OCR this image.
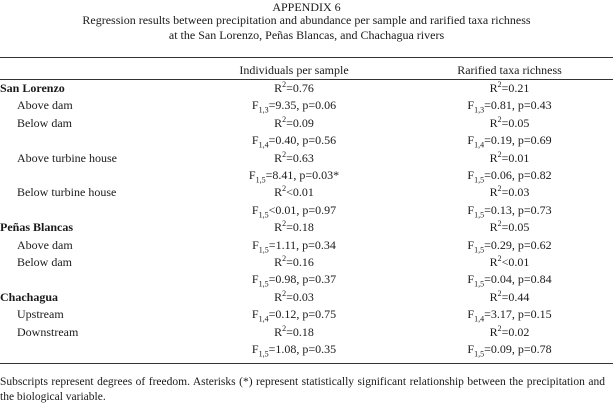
APPENDIX 6
Regression results between precipitation and abundance per sample and rarified taxa richness
at the San Lorenzo, Peñas Blancas, and Chachagua rivers
Individuals per sample	Rarified taxa richness
San Lorenzo	$R^2=0.76$	$R^2=0.21$
Above dam	$F_{1,3}=9.35$, p=0.06	$F_{1,3}=0.81$, p=0.43
Below dam	$R^2=0.09$	$R^2=0.05$
$F_{1,4}=0.40$, p=0.56	$F_{1,4}=0.19$, p=0.69
Above turbine house	$R^2=0.63$	$R^2=0.01$
$F_{1,5}=8.41$, p=0.03*	$F_{1,5}=0.06$, p=0.82
Below turbine house	$R^2<0.01$	$R^2=0.03$
$F_{1,5}<0.01$, p=0.97	$F_{1,5}=0.13$, p=0.73
Peñas Blancas	$R^2=0.18$	$R^2=0.05$
Above dam	$F_{1,5}=1.11$, p=0.34	$F_{1,5}=0.29$, p=0.62
Below dam	$R^2=0.16$	$R^2<0.01$
$F_{1,5}=0.98$, p=0.37	$F_{1,5}=0.04$, p=0.84
Chachagua	$R^2=0.03$	$R^2=0.44$
Upstream	$F_{1,4}=0.12$, p=0.75	$F_{1,4}=3.17$, p=0.15
Downstream	$R^2=0.18$	$R^2=0.02$
$F_{1,5}=1.08$, p=0.35	$F_{1,5}=0.09$, p=0.78
Subscripts represent degrees of freedom. Asterisks (*) represent statistically significant relationship between the precipitation and the biological variable.
